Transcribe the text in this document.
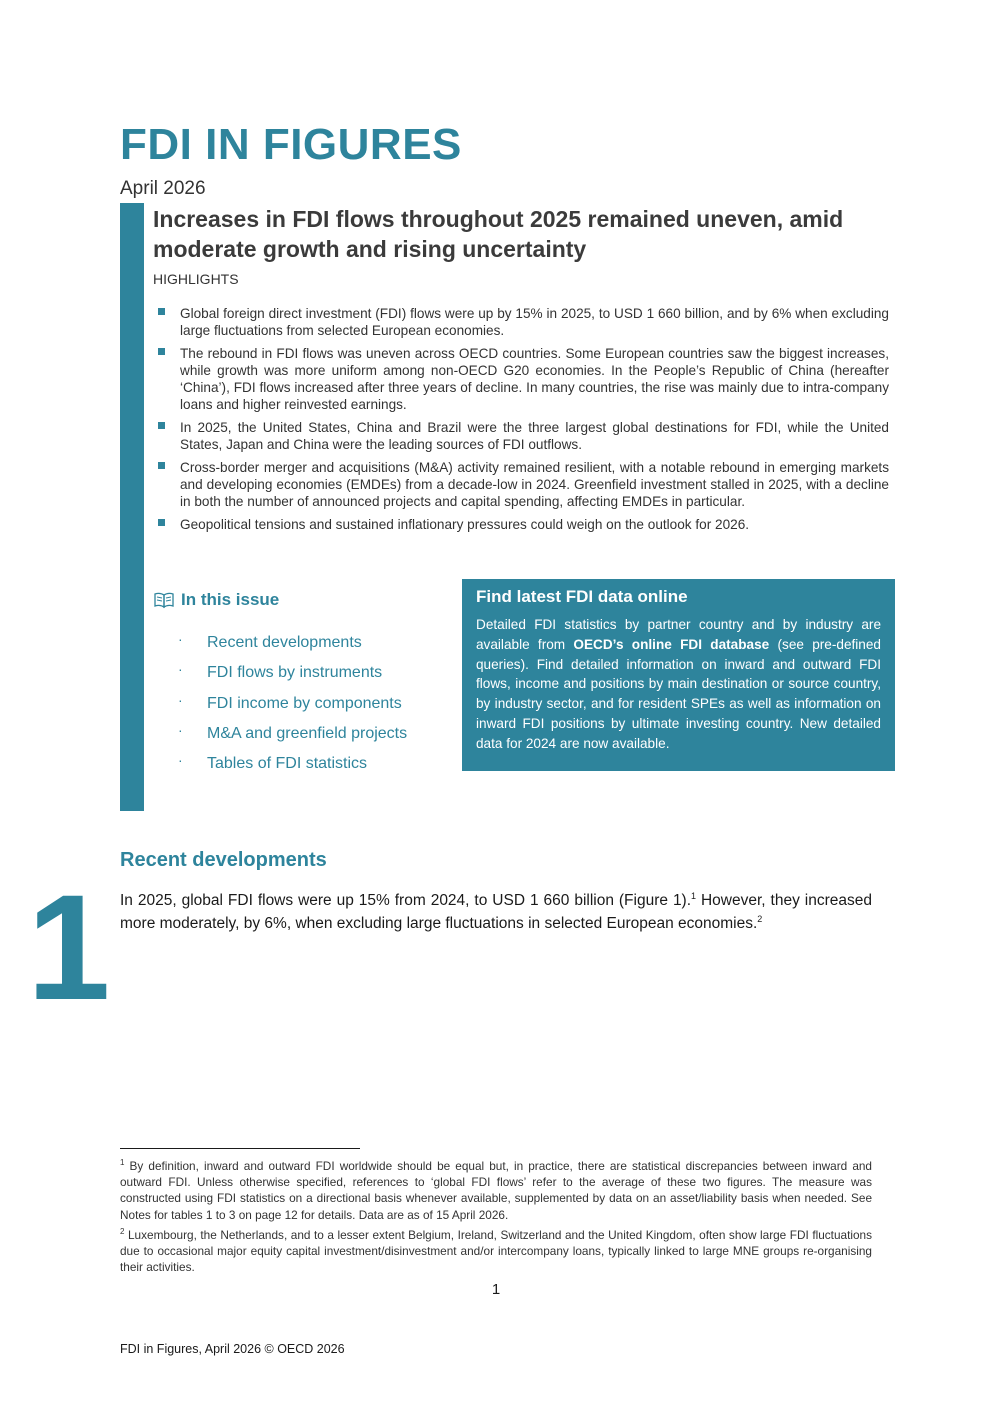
FDI IN FIGURES
April 2026
Increases in FDI flows throughout 2025 remained uneven, amid moderate growth and rising uncertainty
HIGHLIGHTS
Global foreign direct investment (FDI) flows were up by 15% in 2025, to USD 1 660 billion, and by 6% when excluding large fluctuations from selected European economies.
The rebound in FDI flows was uneven across OECD countries. Some European countries saw the biggest increases, while growth was more uniform among non-OECD G20 economies. In the People’s Republic of China (hereafter ‘China’), FDI flows increased after three years of decline. In many countries, the rise was mainly due to intra-company loans and higher reinvested earnings.
In 2025, the United States, China and Brazil were the three largest global destinations for FDI, while the United States, Japan and China were the leading sources of FDI outflows.
Cross-border merger and acquisitions (M&A) activity remained resilient, with a notable rebound in emerging markets and developing economies (EMDEs) from a decade-low in 2024. Greenfield investment stalled in 2025, with a decline in both the number of announced projects and capital spending, affecting EMDEs in particular.
Geopolitical tensions and sustained inflationary pressures could weigh on the outlook for 2026.
In this issue
· Recent developments
· FDI flows by instruments
· FDI income by components
· M&A and greenfield projects
· Tables of FDI statistics
Find latest FDI data online
Detailed FDI statistics by partner country and by industry are available from OECD’s online FDI database (see pre-defined queries). Find detailed information on inward and outward FDI flows, income and positions by main destination or source country, by industry sector, and for resident SPEs as well as information on inward FDI positions by ultimate investing country. New detailed data for 2024 are now available.
Recent developments
1 In 2025, global FDI flows were up 15% from 2024, to USD 1 660 billion (Figure 1).$^1$ However, they increased more moderately, by 6%, when excluding large fluctuations in selected European economies.$^2$
$^1$ By definition, inward and outward FDI worldwide should be equal but, in practice, there are statistical discrepancies between inward and outward FDI. Unless otherwise specified, references to ‘global FDI flows’ refer to the average of these two figures. The measure was constructed using FDI statistics on a directional basis whenever available, supplemented by data on an asset/liability basis when needed. See Notes for tables 1 to 3 on page 12 for details. Data are as of 15 April 2026.
$^2$ Luxembourg, the Netherlands, and to a lesser extent Belgium, Ireland, Switzerland and the United Kingdom, often show large FDI fluctuations due to occasional major equity capital investment/disinvestment and/or intercompany loans, typically linked to large MNE groups re-organising their activities.
1
FDI in Figures, April 2026 © OECD 2026
